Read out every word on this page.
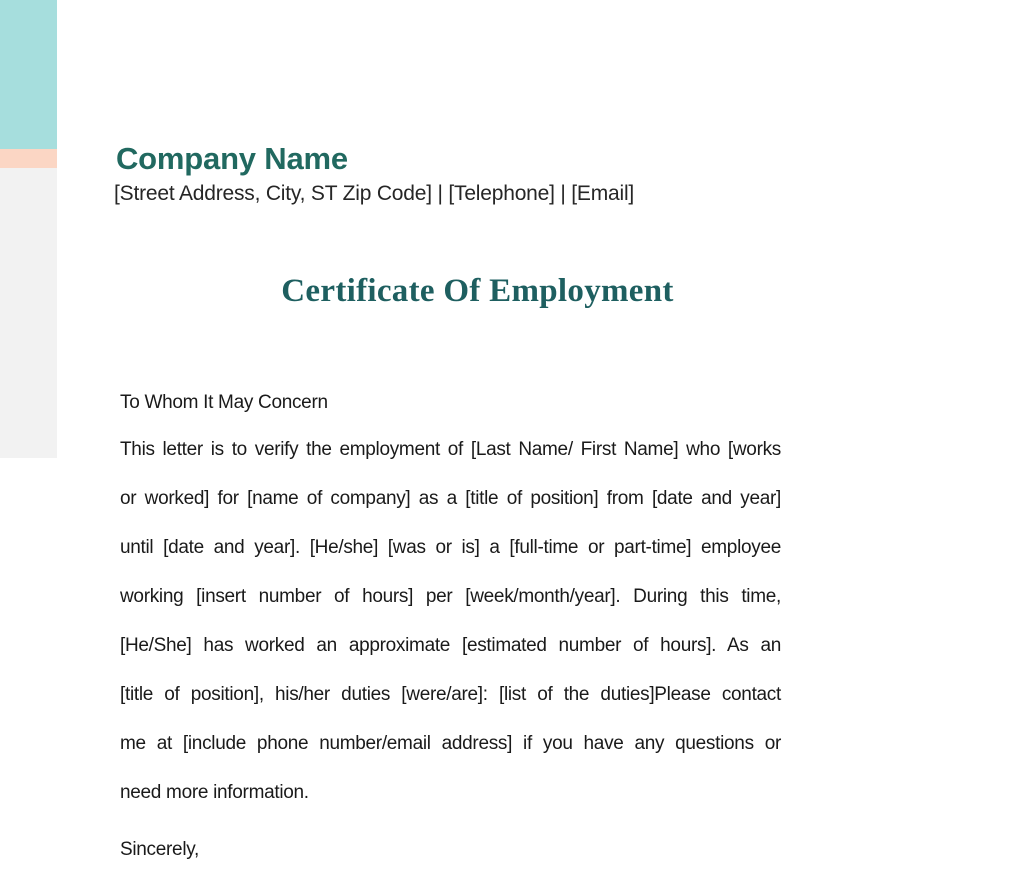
Company Name
[Street Address, City, ST Zip Code] | [Telephone] | [Email]
Certificate Of Employment
To Whom It May Concern
This letter is to verify the employment of [Last Name/ First Name] who [works
or worked] for [name of company] as a [title of position] from [date and year]
until [date and year]. [He/she] [was or is] a [full-time or part-time] employee
working [insert number of hours] per [week/month/year]. During this time,
[He/She] has worked an approximate [estimated number of hours]. As an
[title of position], his/her duties [were/are]: [list of the duties]Please contact
me at [include phone number/email address] if you have any questions or
need more information.
Sincerely,
